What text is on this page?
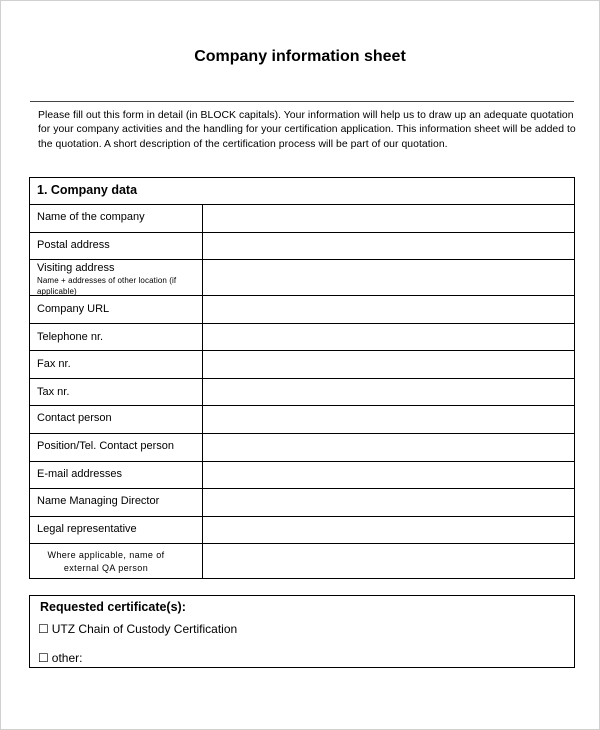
Company information sheet
Please fill out this form in detail (in BLOCK capitals). Your information will help us to draw up an adequate quotation for your company activities and the handling for your certification application. This information sheet will be added to the quotation. A short description of the certification process will be part of our quotation.
1. Company data
Name of the company
Postal address
Visiting address
Name + addresses of other location (if applicable)
Company URL
Telephone nr.
Fax nr.
Tax nr.
Contact person
Position/Tel. Contact person
E-mail addresses
Name Managing Director
Legal representative
Where applicable, name of external QA person
Requested certificate(s):
☐ UTZ Chain of Custody Certification
☐ other:
